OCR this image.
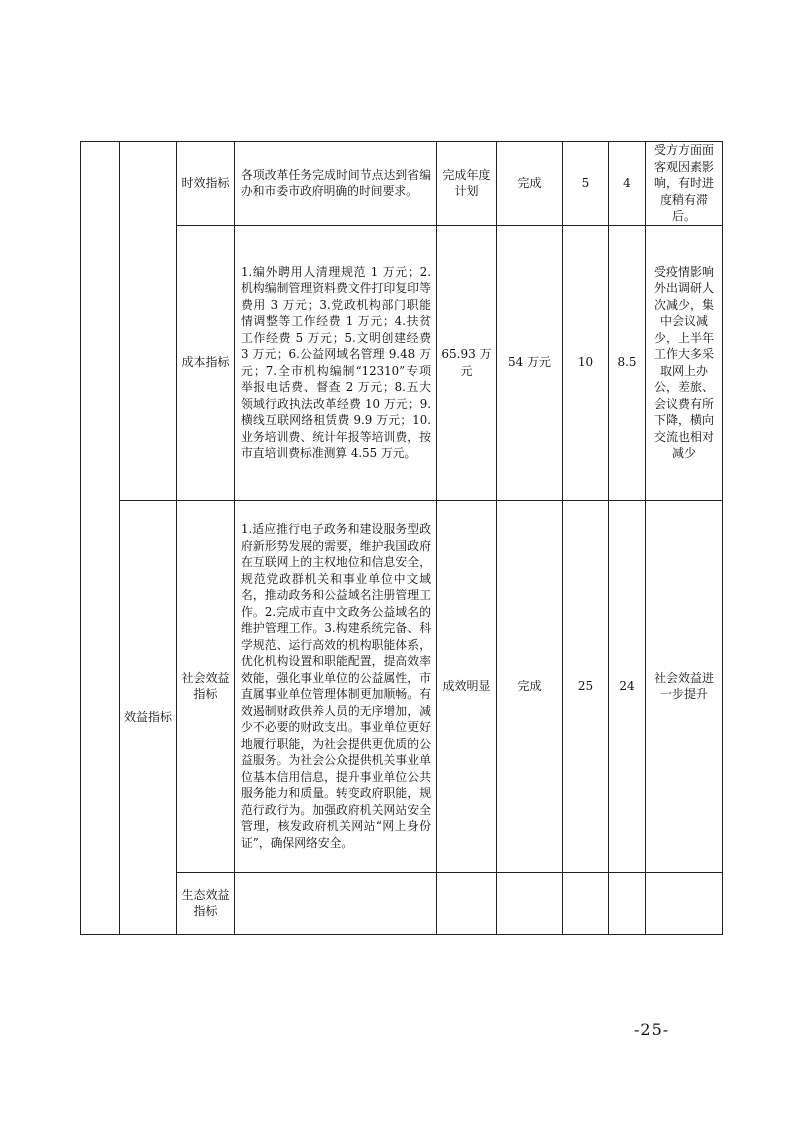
		时效指标	各项改革任务完成时间节点达到省编办和市委市政府明确的时间要求。	完成年度计划	完成	5	4	受方方面面客观因素影响，有时进度稍有滞后。
		成本指标	1.编外聘用人清理规范 1 万元；2.机构编制管理资料费文件打印复印等费用 3 万元；3.党政机构部门职能情调整等工作经费 1 万元；4.扶贫工作经费 5 万元；5.文明创建经费 3 万元；6.公益网域名管理 9.48 万元；7.全市机构编制“12310”专项举报电话费、督查 2 万元；8.五大领域行政执法改革经费 10 万元；9.横线互联网络租赁费 9.9 万元；10.业务培训费、统计年报等培训费，按市直培训费标准测算 4.55 万元。	65.93 万元	54 万元	10	8.5	受疫情影响外出调研人次减少，集中会议减少，上半年工作大多采取网上办公，差旅、会议费有所下降，横向交流也相对减少
	效益指标	社会效益指标	1.适应推行电子政务和建设服务型政府新形势发展的需要，维护我国政府在互联网上的主权地位和信息安全，规范党政群机关和事业单位中文域名，推动政务和公益域名注册管理工作。2.完成市直中文政务公益域名的维护管理工作。3.构建系统完备、科学规范、运行高效的机构职能体系，优化机构设置和职能配置，提高效率效能，强化事业单位的公益属性，市直属事业单位管理体制更加顺畅。有效遏制财政供养人员的无序增加，减少不必要的财政支出。事业单位更好地履行职能，为社会提供更优质的公益服务。为社会公众提供机关事业单位基本信用信息，提升事业单位公共服务能力和质量。转变政府职能，规范行政行为。加强政府机关网站安全管理，核发政府机关网站“网上身份证”，确保网络安全。	成效明显	完成	25	24	社会效益进一步提升
		生态效益指标						
-25-
